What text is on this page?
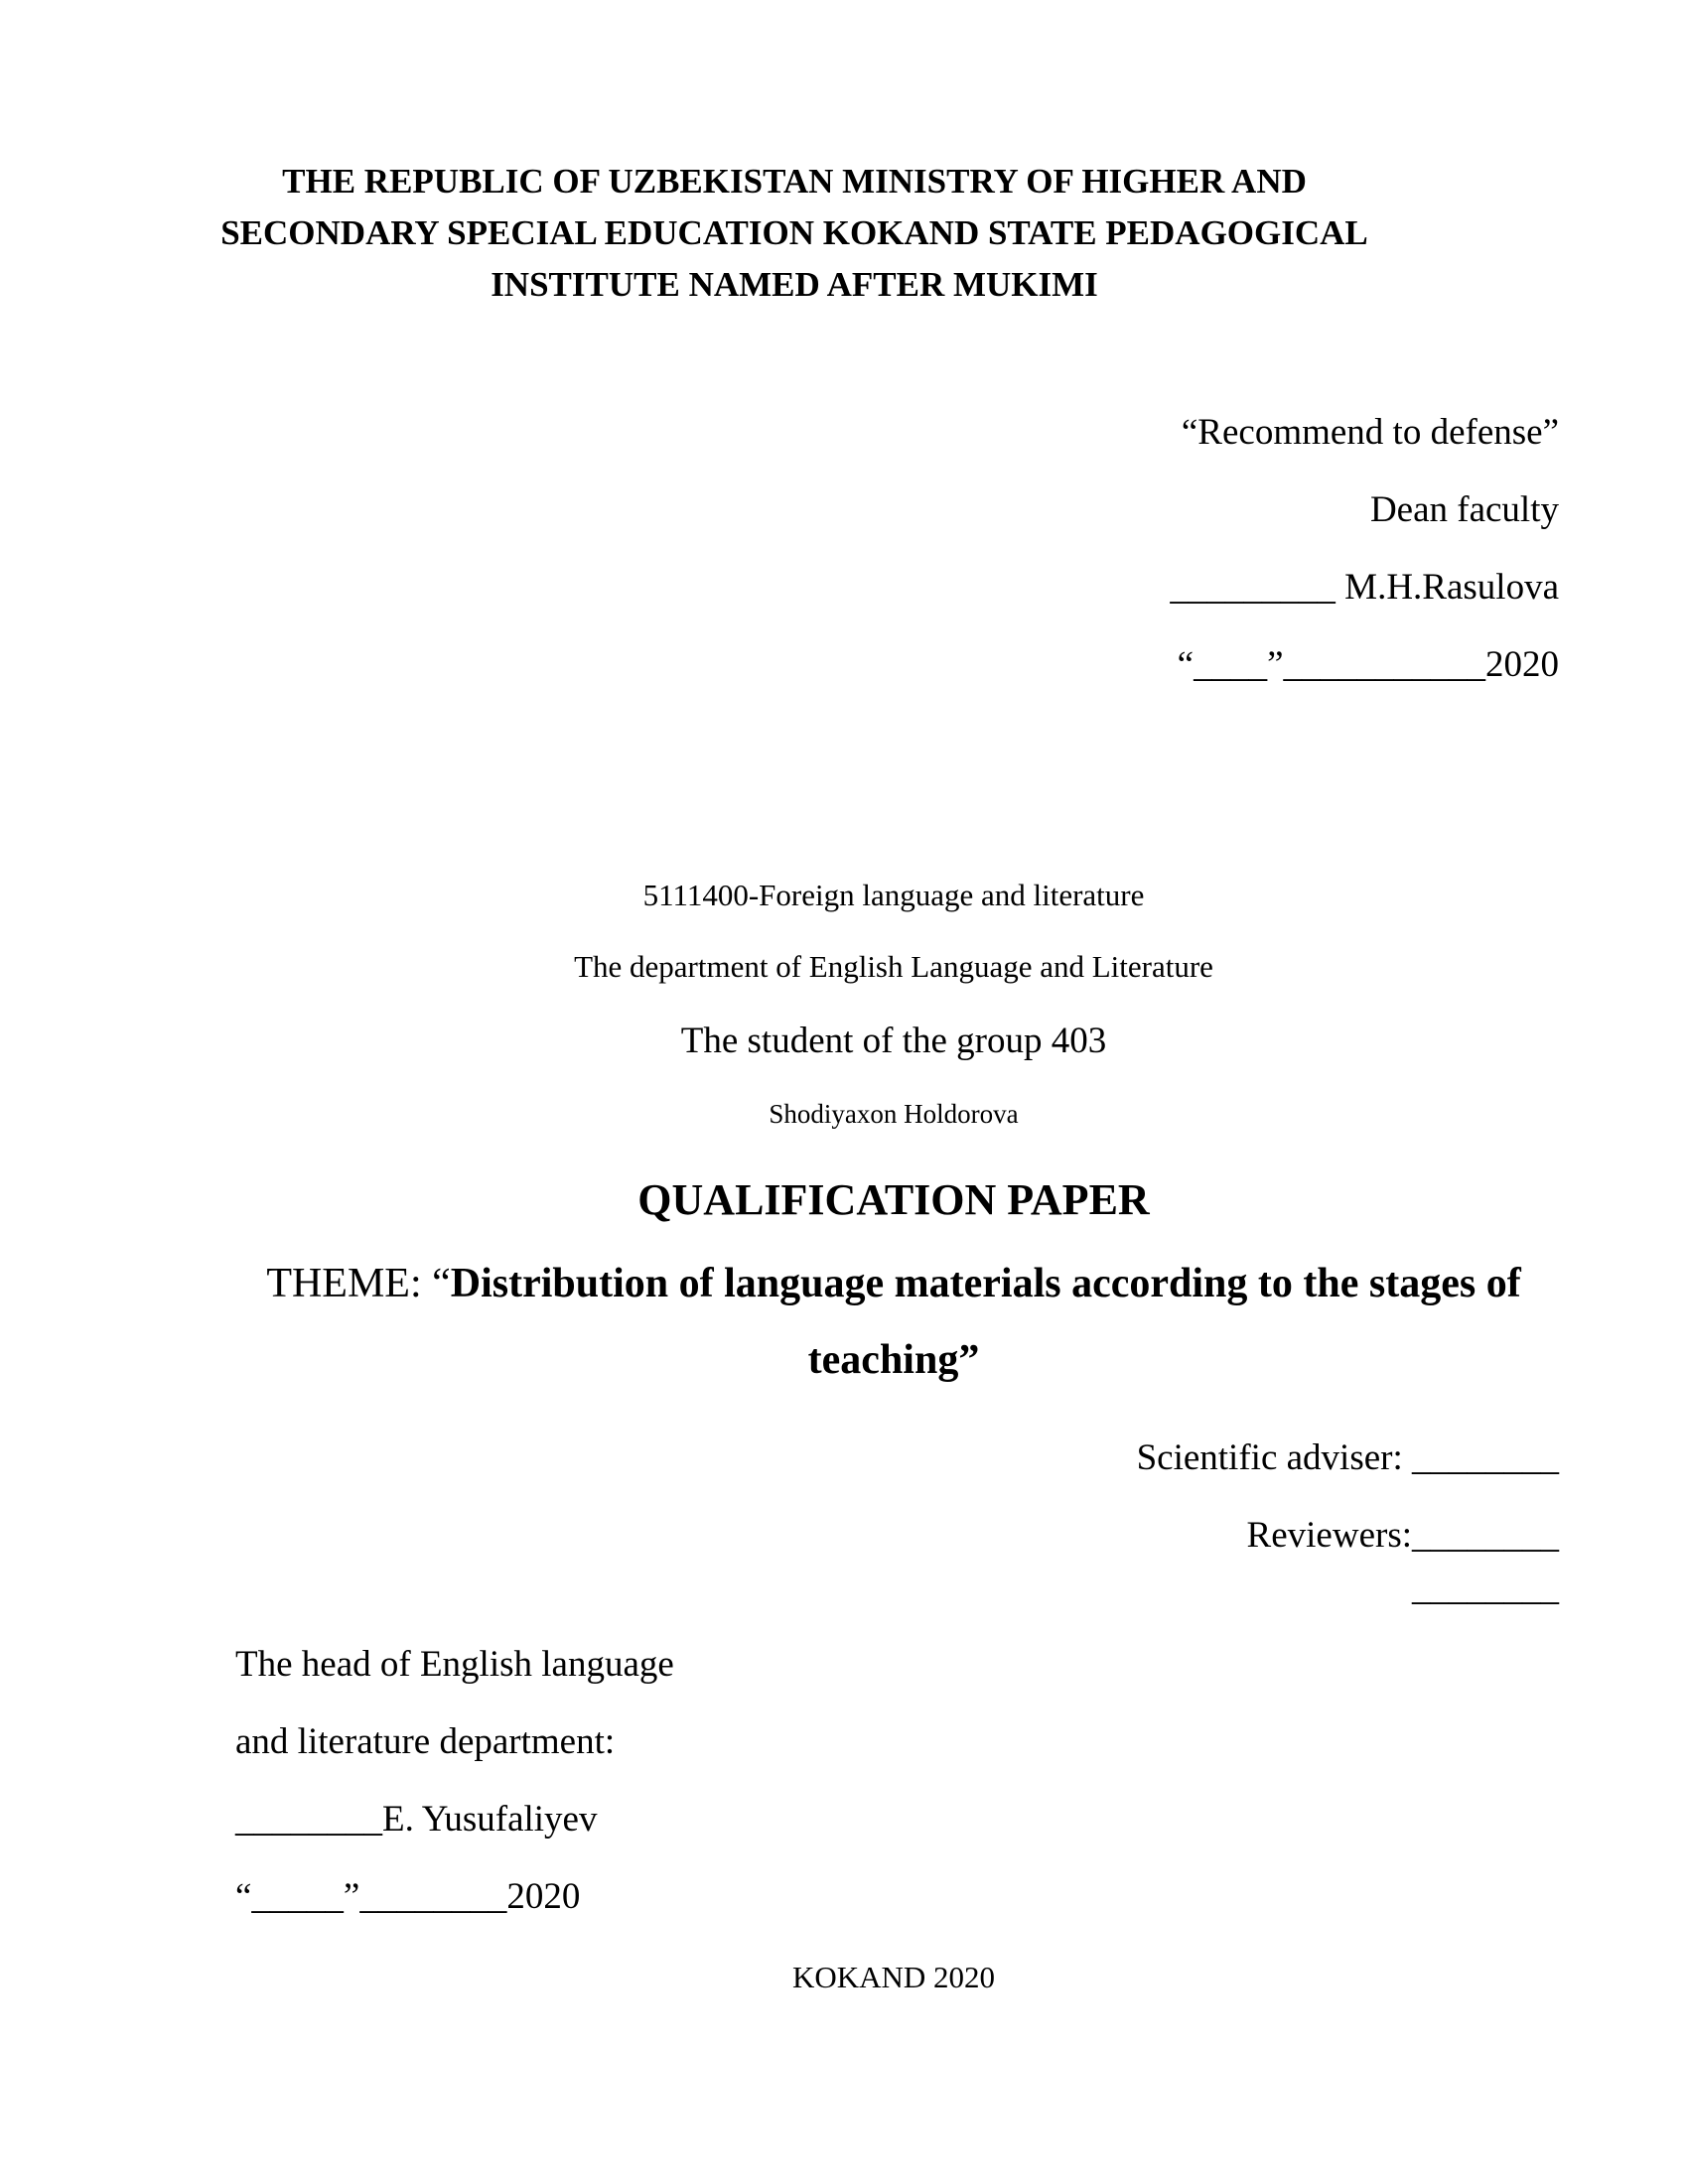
THE REPUBLIC OF UZBEKISTAN MINISTRY OF HIGHER AND
SECONDARY SPECIAL EDUCATION KOKAND STATE PEDAGOGICAL
INSTITUTE NAMED AFTER MUKIMI
“Recommend to defense”
Dean faculty
_________ M.H.Rasulova
“____”___________2020
5111400-Foreign language and literature
The department of English Language and Literature
The student of the group 403
Shodiyaxon Holdorova
QUALIFICATION PAPER
THEME: “Distribution of language materials according to the stages of
teaching”
Scientific adviser: ________
Reviewers:________
________
The head of English language
and literature department:
________E. Yusufaliyev
“_____”________2020
KOKAND 2020
